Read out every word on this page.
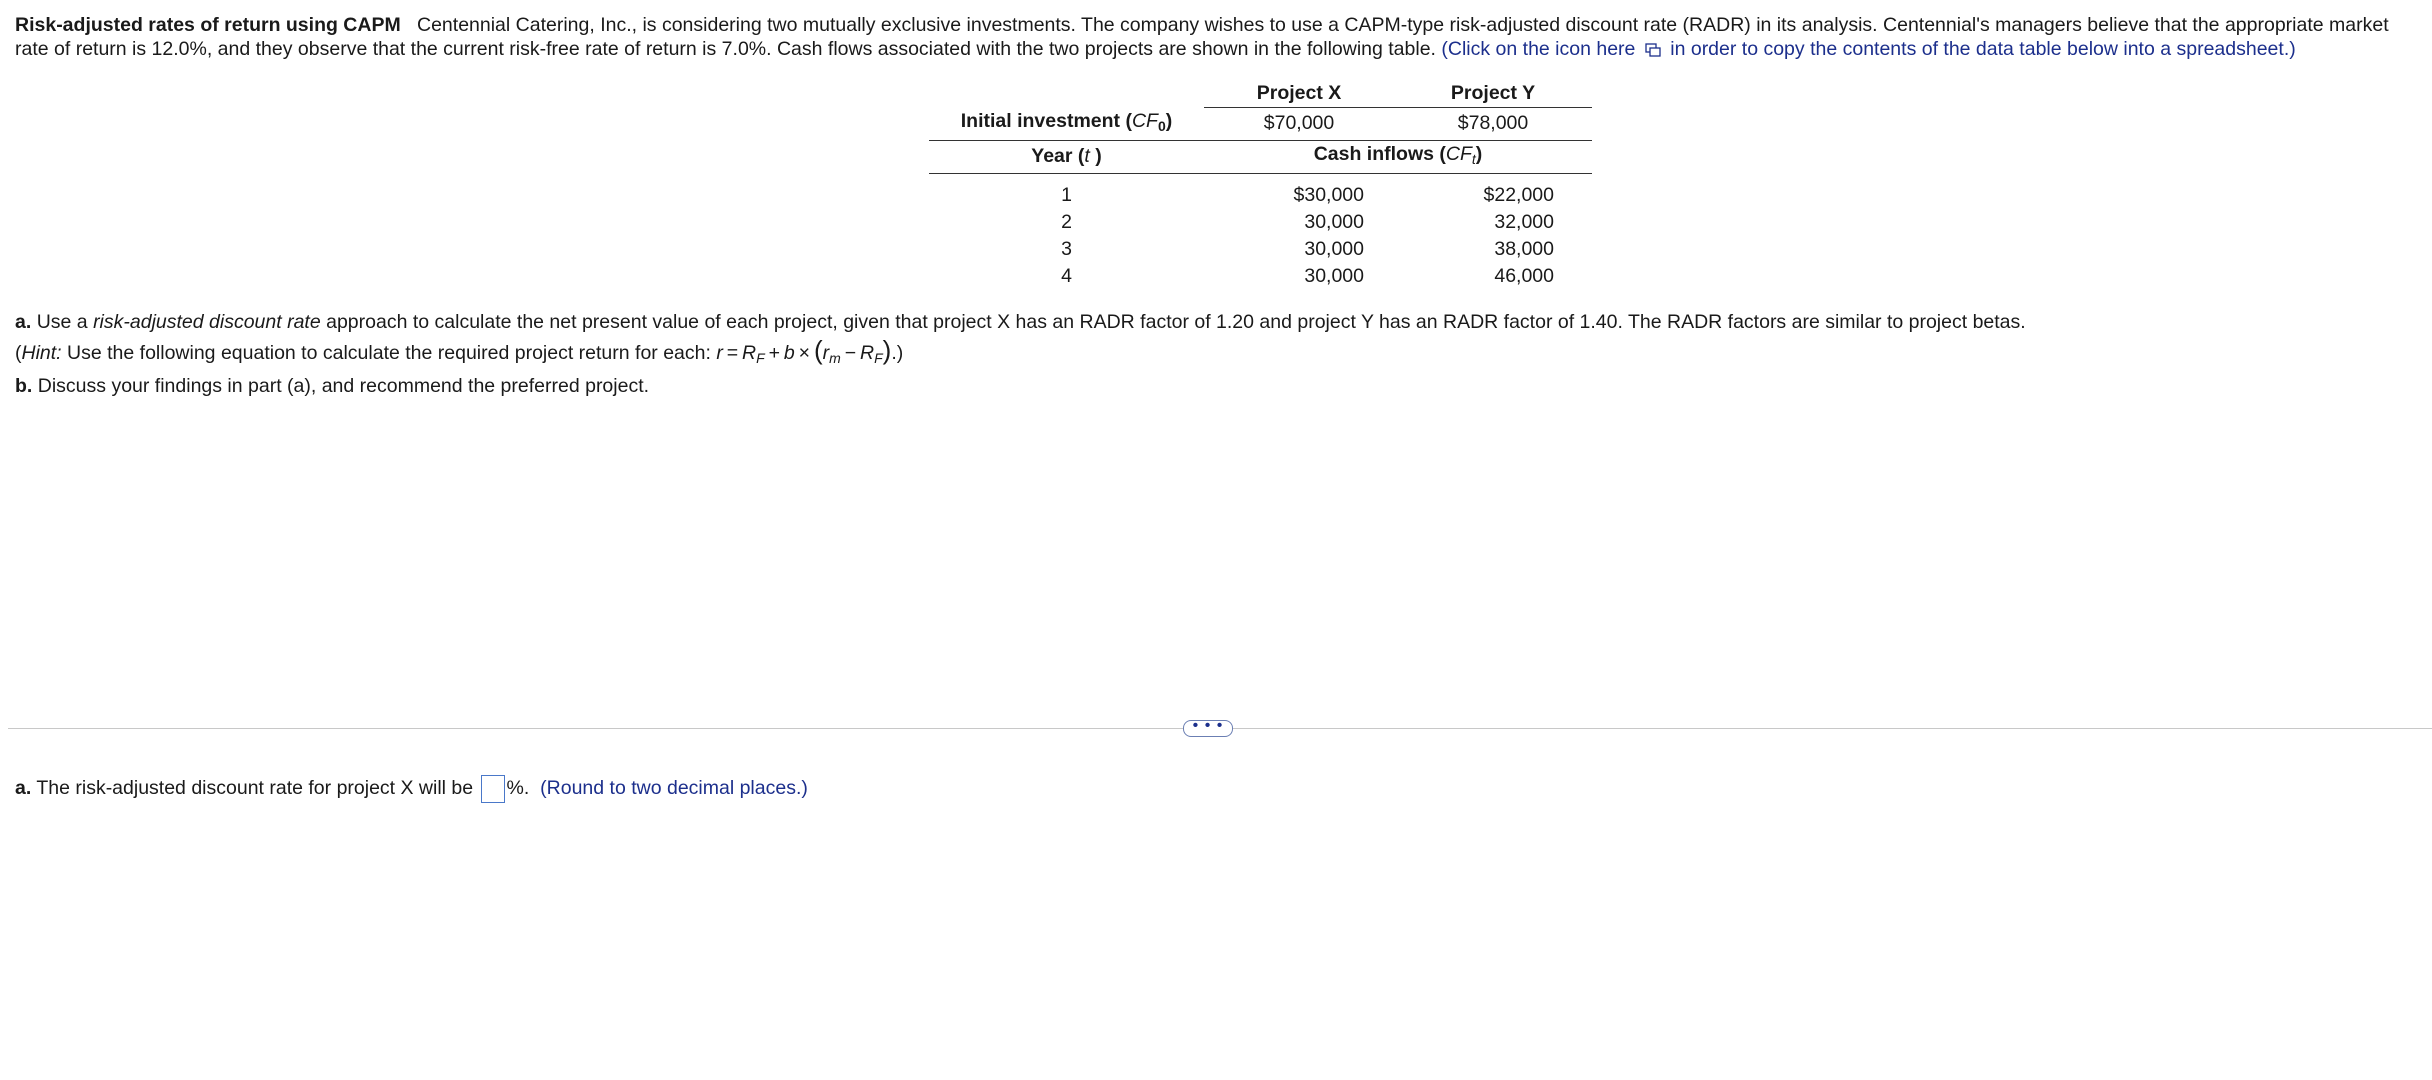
Risk-adjusted rates of return using CAPM Centennial Catering, Inc., is considering two mutually exclusive investments. The company wishes to use a CAPM-type risk-adjusted discount rate (RADR) in its analysis. Centennial's managers believe that the appropriate market rate of return is 12.0%, and they observe that the current risk-free rate of return is 7.0%. Cash flows associated with the two projects are shown in the following table. (Click on the icon here in order to copy the contents of the data table below into a spreadsheet.)
	Project X	Project Y
Initial investment $(CF_0)$	$70,000	$78,000
Year (t )	Cash inflows $(CF_t)$	

1	$30,000	$22,000
2	30,000	32,000
3	30,000	38,000
4	30,000	46,000
a. Use a risk-adjusted discount rate approach to calculate the net present value of each project, given that project X has an RADR factor of 1.20 and project Y has an RADR factor of 1.40. The RADR factors are similar to project betas.
(Hint: Use the following equation to calculate the required project return for each: $r = R_F + b \times (r_m - R_F)$.)
b. Discuss your findings in part (a), and recommend the preferred project.
• • •
a. The risk-adjusted discount rate for project X will be %. (Round to two decimal places.)
